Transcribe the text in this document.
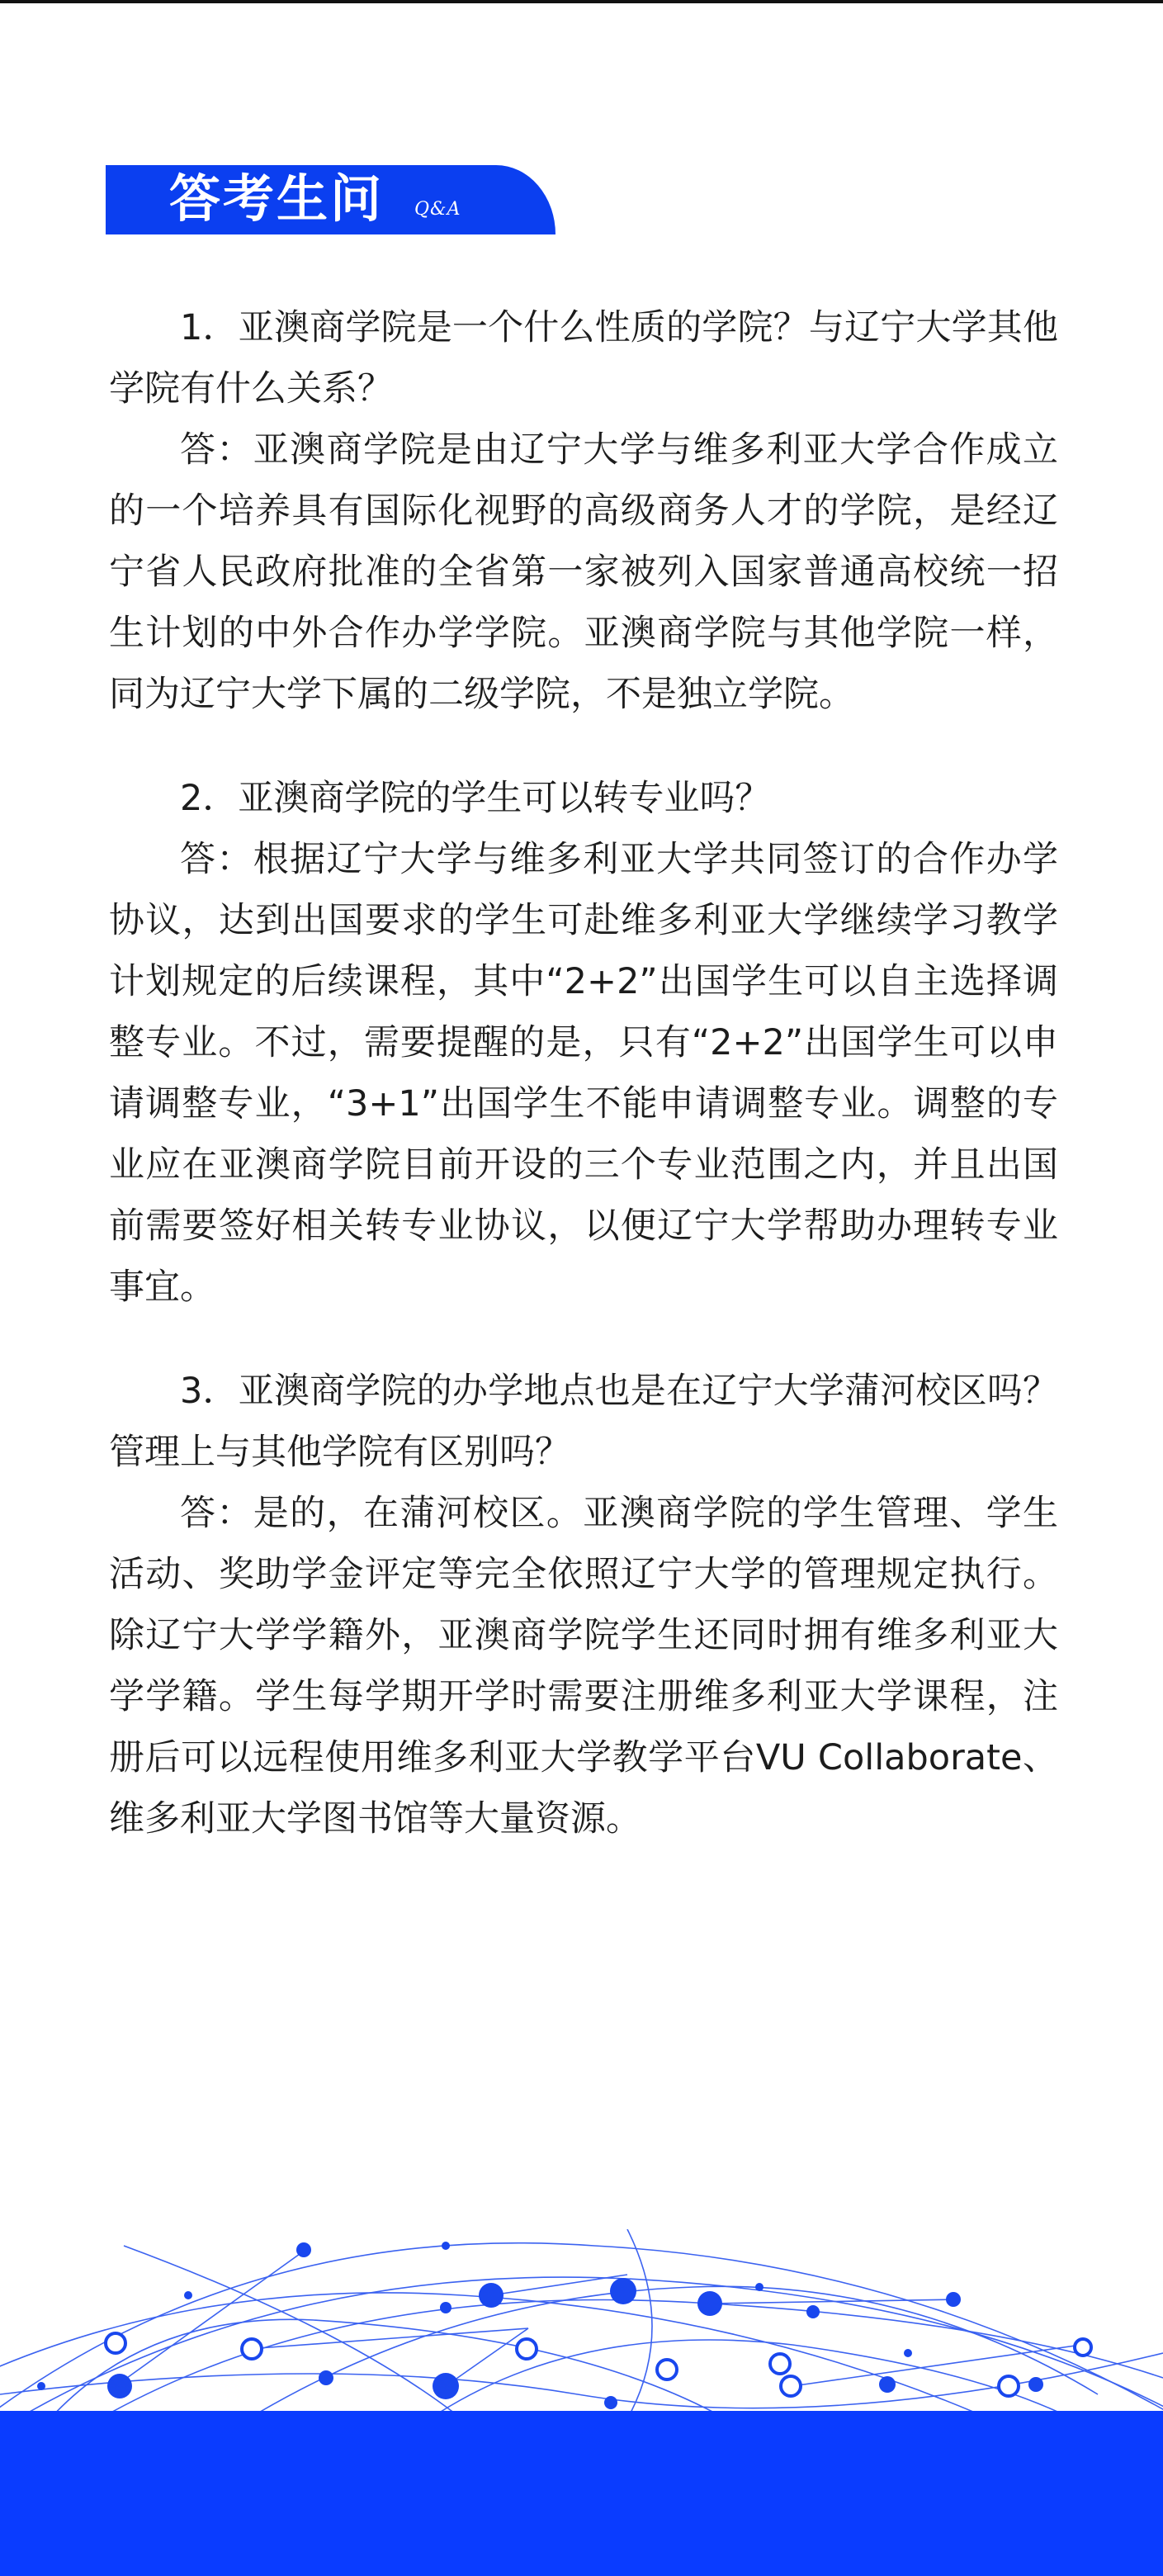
答考生问 Q&A

1．亚澳商学院是一个什么性质的学院？与辽宁大学其他学院有什么关系？

答：亚澳商学院是由辽宁大学与维多利亚大学合作成立的一个培养具有国际化视野的高级商务人才的学院，是经辽宁省人民政府批准的全省第一家被列入国家普通高校统一招生计划的中外合作办学学院。亚澳商学院与其他学院一样，同为辽宁大学下属的二级学院，不是独立学院。

2．亚澳商学院的学生可以转专业吗？

答：根据辽宁大学与维多利亚大学共同签订的合作办学协议，达到出国要求的学生可赴维多利亚大学继续学习教学计划规定的后续课程，其中“2+2”出国学生可以自主选择调整专业。不过，需要提醒的是，只有“2+2”出国学生可以申请调整专业，“3+1”出国学生不能申请调整专业。调整的专业应在亚澳商学院目前开设的三个专业范围之内，并且出国前需要签好相关转专业协议，以便辽宁大学帮助办理转专业事宜。

3．亚澳商学院的办学地点也是在辽宁大学蒲河校区吗？管理上与其他学院有区别吗？

答：是的，在蒲河校区。亚澳商学院的学生管理、学生活动、奖助学金评定等完全依照辽宁大学的管理规定执行。除辽宁大学学籍外，亚澳商学院学生还同时拥有维多利亚大学学籍。学生每学期开学时需要注册维多利亚大学课程，注册后可以远程使用维多利亚大学教学平台VU Collaborate、维多利亚大学图书馆等大量资源。
